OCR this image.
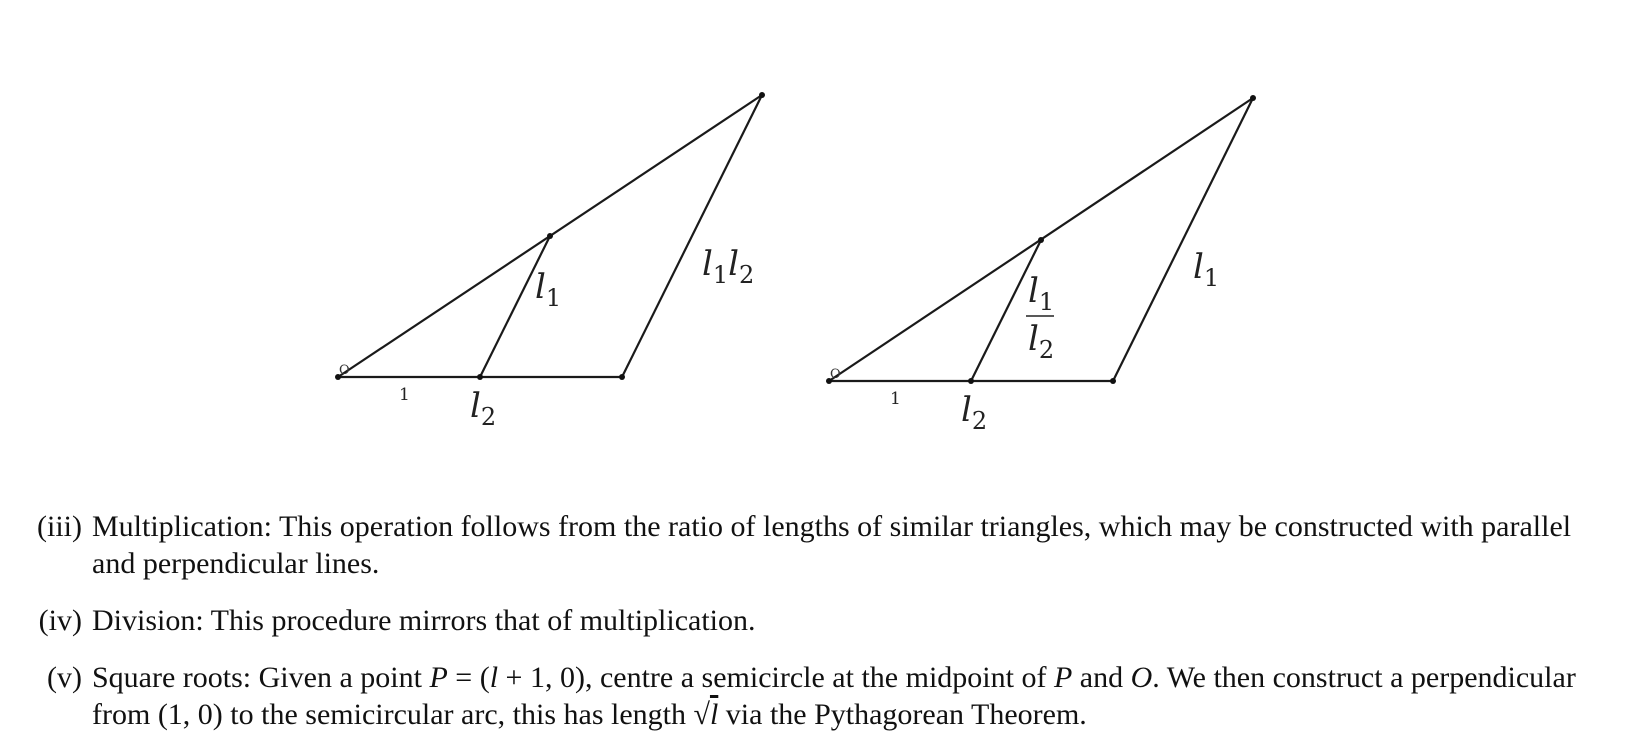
O
1 l2
l1
l1l2
O
1 l2
l1
l2
l1
(iii) Multiplication: This operation follows from the ratio of lengths of similar triangles, which may be constructed with parallel and perpendicular lines.
(iv) Division: This procedure mirrors that of multiplication.
(v) Square roots: Given a point P = (l + 1, 0), centre a semicircle at the midpoint of P and O. We then construct a perpendicular from (1, 0) to the semicircular arc, this has length √l via the Pythagorean Theorem.
